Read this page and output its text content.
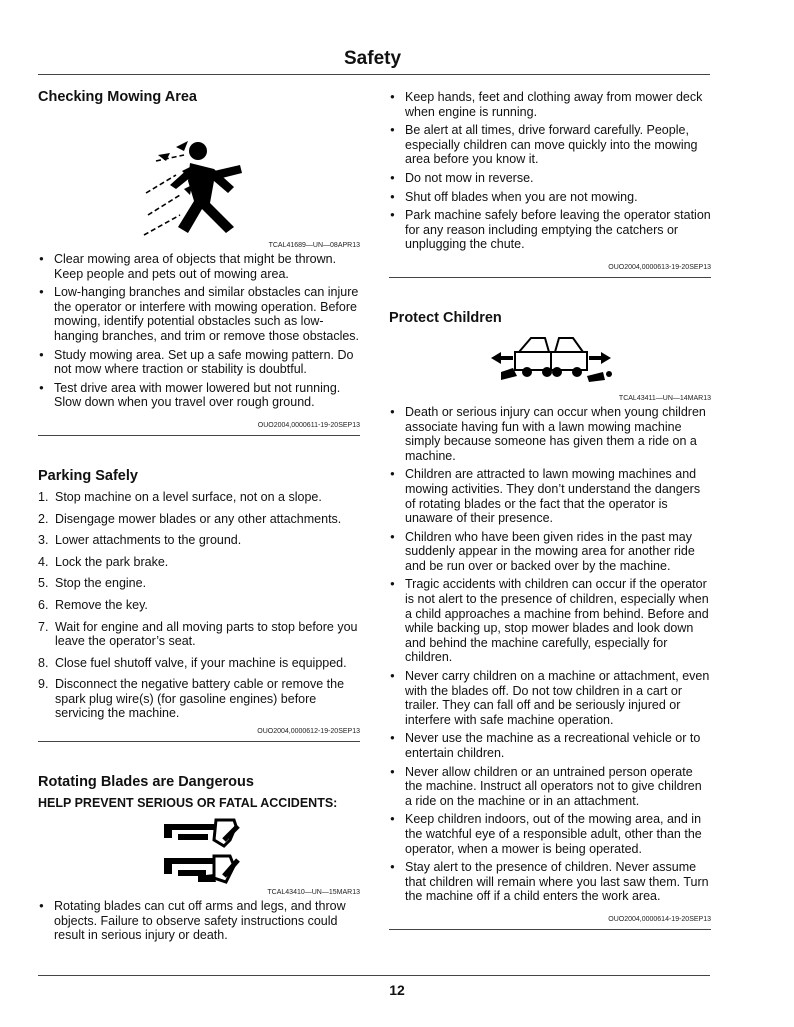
Safety
Checking Mowing Area
TCAL41689—UN—08APR13
● Clear mowing area of objects that might be thrown. Keep people and pets out of mowing area.
● Low-hanging branches and similar obstacles can injure the operator or interfere with mowing operation. Before mowing, identify potential obstacles such as low-hanging branches, and trim or remove those obstacles.
● Study mowing area. Set up a safe mowing pattern. Do not mow where traction or stability is doubtful.
● Test drive area with mower lowered but not running. Slow down when you travel over rough ground.
OUO2004,0000611-19-20SEP13
Parking Safely
1. Stop machine on a level surface, not on a slope.
2. Disengage mower blades or any other attachments.
3. Lower attachments to the ground.
4. Lock the park brake.
5. Stop the engine.
6. Remove the key.
7. Wait for engine and all moving parts to stop before you leave the operator’s seat.
8. Close fuel shutoff valve, if your machine is equipped.
9. Disconnect the negative battery cable or remove the spark plug wire(s) (for gasoline engines) before servicing the machine.
OUO2004,0000612-19-20SEP13
Rotating Blades are Dangerous
HELP PREVENT SERIOUS OR FATAL ACCIDENTS:
TCAL43410—UN—15MAR13
● Rotating blades can cut off arms and legs, and throw objects. Failure to observe safety instructions could result in serious injury or death.
● Keep hands, feet and clothing away from mower deck when engine is running.
● Be alert at all times, drive forward carefully. People, especially children can move quickly into the mowing area before you know it.
● Do not mow in reverse.
● Shut off blades when you are not mowing.
● Park machine safely before leaving the operator station for any reason including emptying the catchers or unplugging the chute.
OUO2004,0000613-19-20SEP13
Protect Children
TCAL43411—UN—14MAR13
● Death or serious injury can occur when young children associate having fun with a lawn mowing machine simply because someone has given them a ride on a machine.
● Children are attracted to lawn mowing machines and mowing activities. They don’t understand the dangers of rotating blades or the fact that the operator is unaware of their presence.
● Children who have been given rides in the past may suddenly appear in the mowing area for another ride and be run over or backed over by the machine.
● Tragic accidents with children can occur if the operator is not alert to the presence of children, especially when a child approaches a machine from behind. Before and while backing up, stop mower blades and look down and behind the machine carefully, especially for children.
● Never carry children on a machine or attachment, even with the blades off. Do not tow children in a cart or trailer. They can fall off and be seriously injured or interfere with safe machine operation.
● Never use the machine as a recreational vehicle or to entertain children.
● Never allow children or an untrained person operate the machine. Instruct all operators not to give children a ride on the machine or in an attachment.
● Keep children indoors, out of the mowing area, and in the watchful eye of a responsible adult, other than the operator, when a mower is being operated.
● Stay alert to the presence of children. Never assume that children will remain where you last saw them. Turn the machine off if a child enters the work area.
OUO2004,0000614-19-20SEP13
12
